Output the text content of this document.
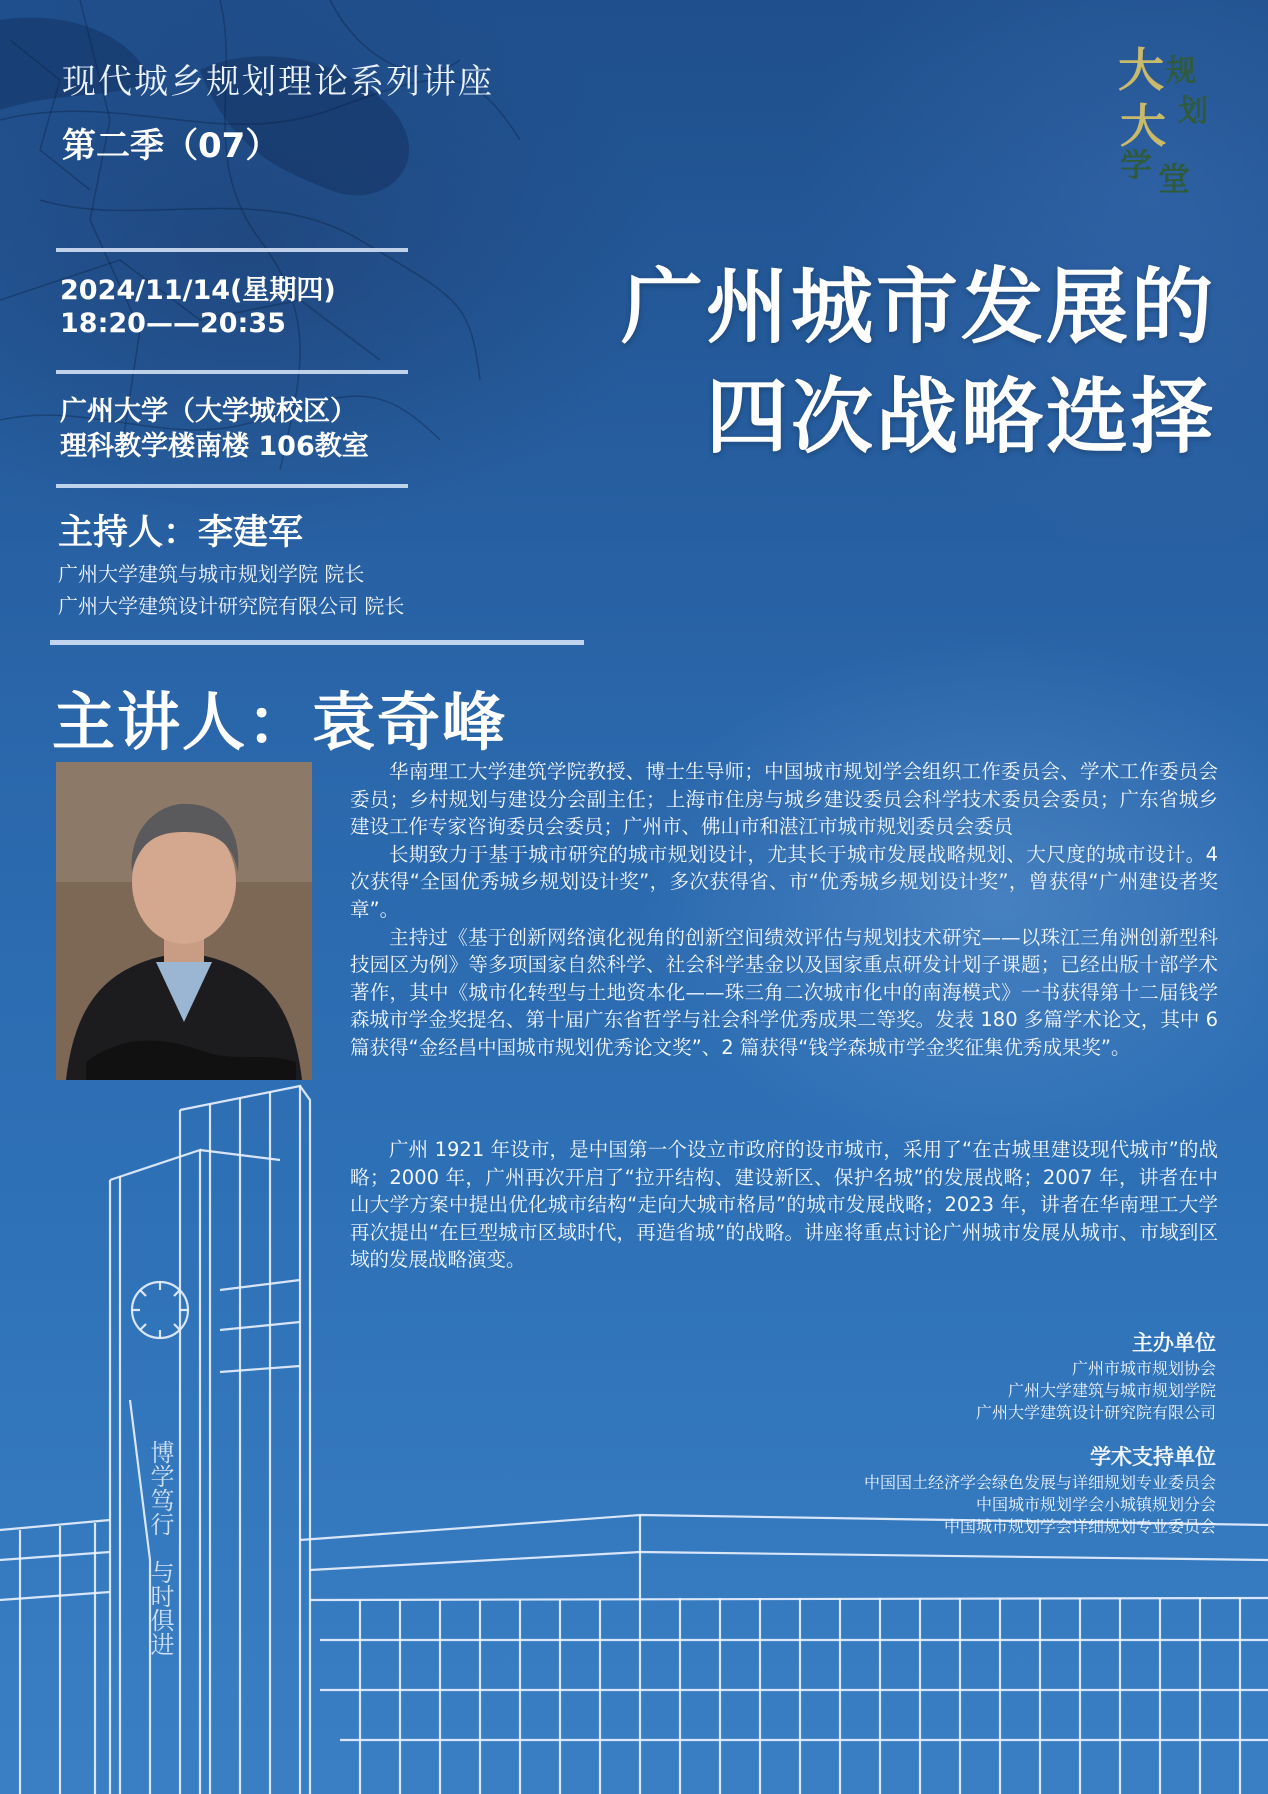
博学笃行
与时俱进
大 规
划
大
学 堂
现代城乡规划理论系列讲座
第二季（07）
2024/11/14(星期四)
18:20——20:35
广州大学（大学城校区）
理科教学楼南楼 106教室
主持人：李建军
广州大学建筑与城市规划学院 院长
广州大学建筑设计研究院有限公司 院长
广州城市发展的
四次战略选择
主讲人：袁奇峰

华南理工大学建筑学院教授、博士生导师；中国城市规划学会组织工作委员会、学术工作委员会委员；乡村规划与建设分会副主任；上海市住房与城乡建设委员会科学技术委员会委员；广东省城乡建设工作专家咨询委员会委员；广州市、佛山市和湛江市城市规划委员会委员

长期致力于基于城市研究的城市规划设计，尤其长于城市发展战略规划、大尺度的城市设计。4 次获得“全国优秀城乡规划设计奖”，多次获得省、市“优秀城乡规划设计奖”，曾获得“广州建设者奖章”。

主持过《基于创新网络演化视角的创新空间绩效评估与规划技术研究——以珠江三角洲创新型科技园区为例》等多项国家自然科学、社会科学基金以及国家重点研发计划子课题；已经出版十部学术著作，其中《城市化转型与土地资本化——珠三角二次城市化中的南海模式》一书获得第十二届钱学森城市学金奖提名、第十届广东省哲学与社会科学优秀成果二等奖。发表 180 多篇学术论文，其中 6 篇获得“金经昌中国城市规划优秀论文奖”、2 篇获得“钱学森城市学金奖征集优秀成果奖”。

广州 1921 年设市，是中国第一个设立市政府的设市城市，采用了“在古城里建设现代城市”的战略；2000 年，广州再次开启了“拉开结构、建设新区、保护名城”的发展战略；2007 年，讲者在中山大学方案中提出优化城市结构“走向大城市格局”的城市发展战略；2023 年，讲者在华南理工大学再次提出“在巨型城市区域时代，再造省城”的战略。讲座将重点讨论广州城市发展从城市、市域到区域的发展战略演变。

主办单位
广州市城市规划协会
广州大学建筑与城市规划学院
广州大学建筑设计研究院有限公司
学术支持单位
中国国土经济学会绿色发展与详细规划专业委员会
中国城市规划学会小城镇规划分会
中国城市规划学会详细规划专业委员会
